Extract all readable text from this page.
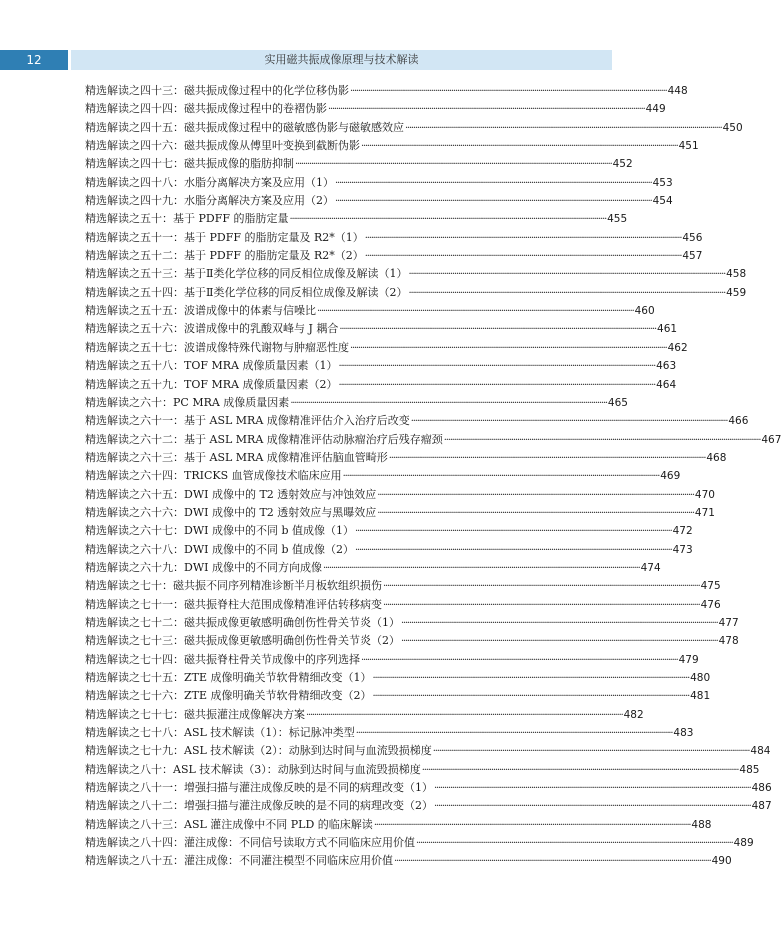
12	实用磁共振成像原理与技术解读
精选解读之四十三：磁共振成像过程中的化学位移伪影 ································································································································································ 448
精选解读之四十四：磁共振成像过程中的卷褶伪影 ································································································································································ 449
精选解读之四十五：磁共振成像过程中的磁敏感伪影与磁敏感效应 ································································································································································ 450
精选解读之四十六：磁共振成像从傅里叶变换到截断伪影 ································································································································································ 451
精选解读之四十七：磁共振成像的脂肪抑制 ································································································································································ 452
精选解读之四十八：水脂分离解决方案及应用（1） ································································································································································ 453
精选解读之四十九：水脂分离解决方案及应用（2） ································································································································································ 454
精选解读之五十：基于 PDFF 的脂肪定量 ································································································································································ 455
精选解读之五十一：基于 PDFF 的脂肪定量及 R2*（1） ································································································································································ 456
精选解读之五十二：基于 PDFF 的脂肪定量及 R2*（2） ································································································································································ 457
精选解读之五十三：基于Ⅱ类化学位移的同反相位成像及解读（1） ································································································································································ 458
精选解读之五十四：基于Ⅱ类化学位移的同反相位成像及解读（2） ································································································································································ 459
精选解读之五十五：波谱成像中的体素与信噪比 ································································································································································ 460
精选解读之五十六：波谱成像中的乳酸双峰与 J 耦合 ································································································································································ 461
精选解读之五十七：波谱成像特殊代谢物与肿瘤恶性度 ································································································································································ 462
精选解读之五十八：TOF MRA 成像质量因素（1） ································································································································································ 463
精选解读之五十九：TOF MRA 成像质量因素（2） ································································································································································ 464
精选解读之六十：PC MRA 成像质量因素 ································································································································································ 465
精选解读之六十一：基于 ASL MRA 成像精准评估介入治疗后改变 ································································································································································ 466
精选解读之六十二：基于 ASL MRA 成像精准评估动脉瘤治疗后残存瘤颈 ································································································································································ 467
精选解读之六十三：基于 ASL MRA 成像精准评估脑血管畸形 ································································································································································ 468
精选解读之六十四：TRICKS 血管成像技术临床应用 ································································································································································ 469
精选解读之六十五：DWI 成像中的 T2 透射效应与冲蚀效应 ································································································································································ 470
精选解读之六十六：DWI 成像中的 T2 透射效应与黑曝效应 ································································································································································ 471
精选解读之六十七：DWI 成像中的不同 b 值成像（1） ································································································································································ 472
精选解读之六十八：DWI 成像中的不同 b 值成像（2） ································································································································································ 473
精选解读之六十九：DWI 成像中的不同方向成像 ································································································································································ 474
精选解读之七十：磁共振不同序列精准诊断半月板软组织损伤 ································································································································································ 475
精选解读之七十一：磁共振脊柱大范围成像精准评估转移病变 ································································································································································ 476
精选解读之七十二：磁共振成像更敏感明确创伤性骨关节炎（1） ································································································································································ 477
精选解读之七十三：磁共振成像更敏感明确创伤性骨关节炎（2） ································································································································································ 478
精选解读之七十四：磁共振脊柱骨关节成像中的序列选择 ································································································································································ 479
精选解读之七十五：ZTE 成像明确关节软骨精细改变（1） ································································································································································ 480
精选解读之七十六：ZTE 成像明确关节软骨精细改变（2） ································································································································································ 481
精选解读之七十七：磁共振灌注成像解决方案 ································································································································································ 482
精选解读之七十八：ASL 技术解读（1）：标记脉冲类型 ································································································································································ 483
精选解读之七十九：ASL 技术解读（2）：动脉到达时间与血流毁损梯度 ································································································································································ 484
精选解读之八十：ASL 技术解读（3）：动脉到达时间与血流毁损梯度 ································································································································································ 485
精选解读之八十一：增强扫描与灌注成像反映的是不同的病理改变（1） ································································································································································ 486
精选解读之八十二：增强扫描与灌注成像反映的是不同的病理改变（2） ································································································································································ 487
精选解读之八十三：ASL 灌注成像中不同 PLD 的临床解读 ································································································································································ 488
精选解读之八十四：灌注成像：不同信号读取方式不同临床应用价值 ································································································································································ 489
精选解读之八十五：灌注成像：不同灌注模型不同临床应用价值 ································································································································································ 490
